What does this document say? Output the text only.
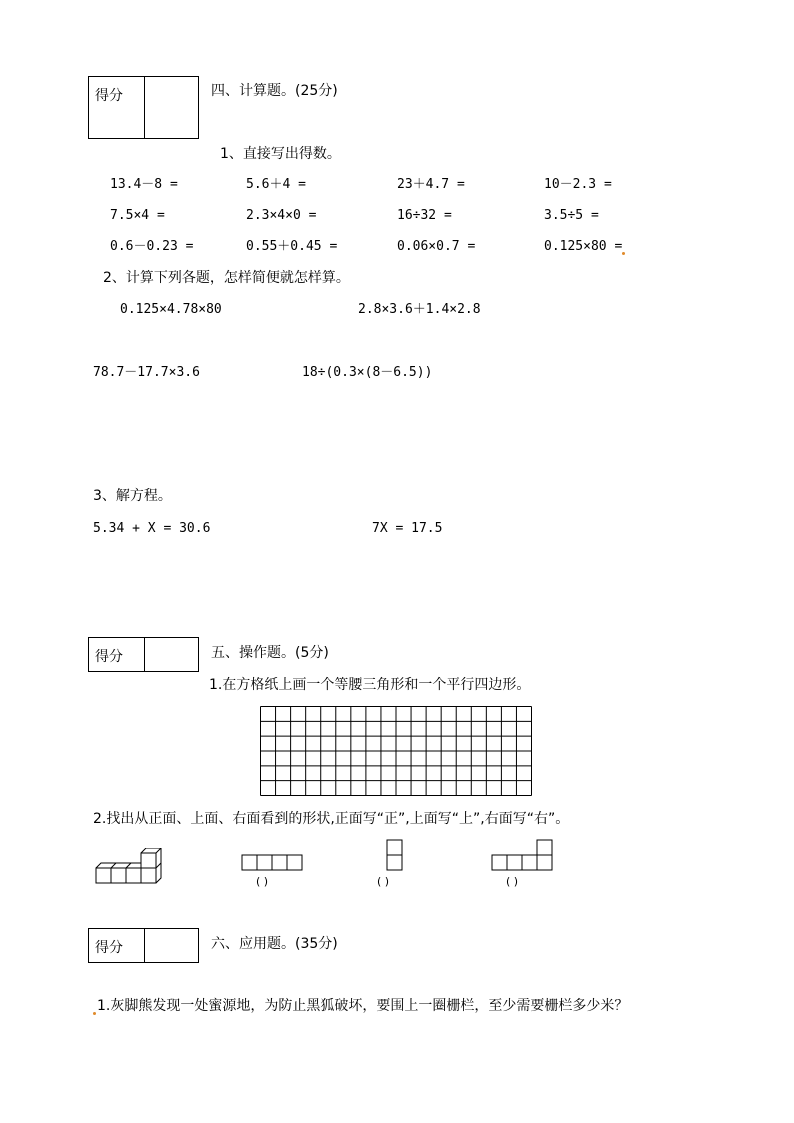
得分	四、计算题。(25分)
1、直接写出得数。
13.4－8 =	5.6＋4 =	23＋4.7 =	10－2.3 =
7.5×4 =	2.3×4×0 =	16÷32 =	3.5÷5 =
0.6－0.23 =	0.55＋0.45 =	0.06×0.7 =	0.125×80 =
2、计算下列各题，怎样简便就怎样算。
0.125×4.78×80	2.8×3.6＋1.4×2.8
78.7－17.7×3.6	18÷(0.3×(8－6.5))
3、解方程。
5.34 + X = 30.6	7X = 17.5
得分	五、操作题。(5分)
1.在方格纸上画一个等腰三角形和一个平行四边形。
2.找出从正面、上面、右面看到的形状,正面写“正”,上面写“上”,右面写“右”。
( )	( )	( )
得分	六、应用题。(35分)
1.灰脚熊发现一处蜜源地，为防止黑狐破坏，要围上一圈栅栏，至少需要栅栏多少米？
